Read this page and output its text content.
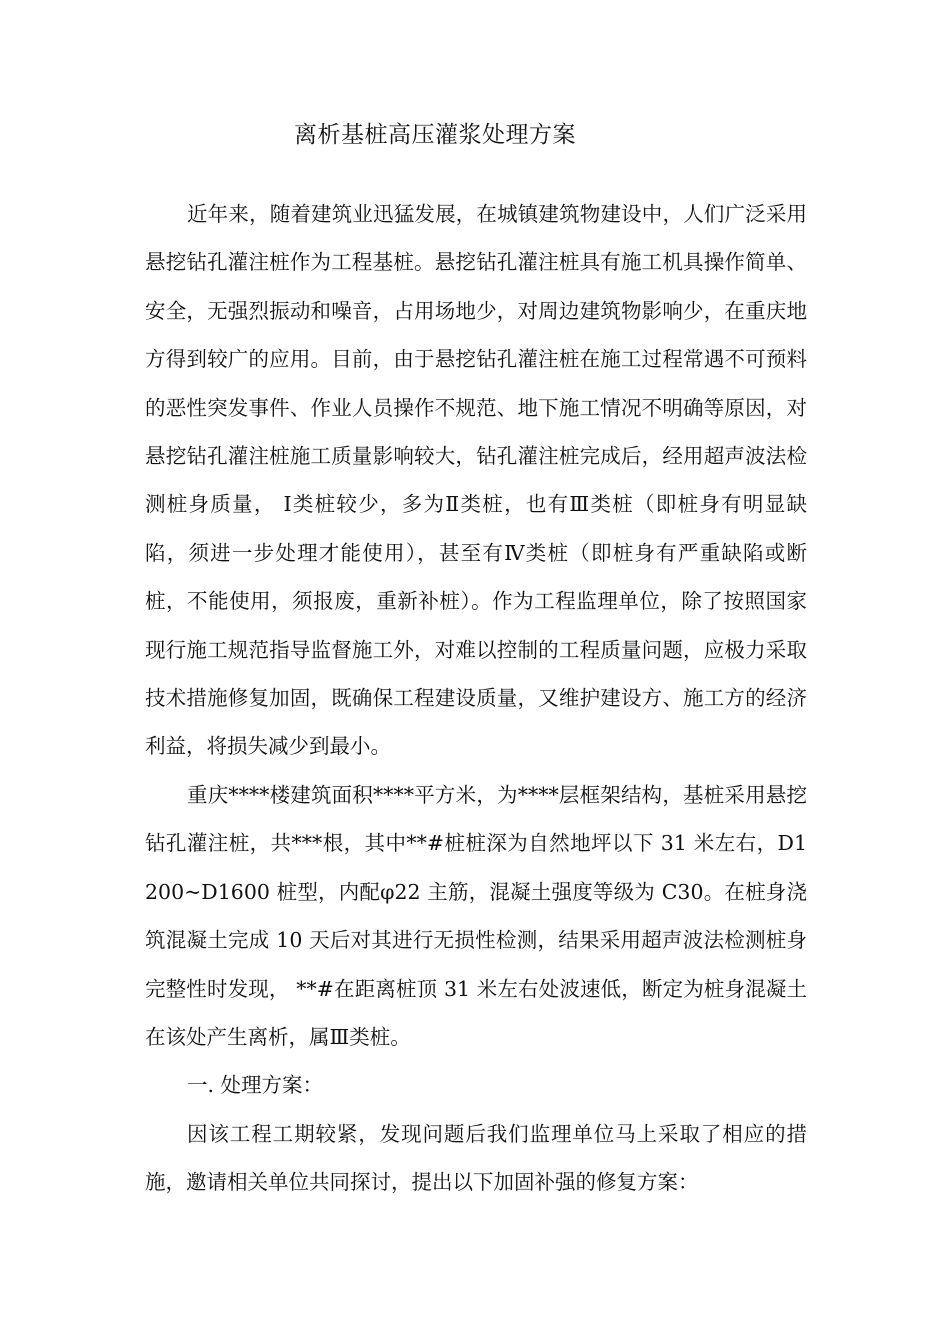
离析基桩高压灌浆处理方案

近年来，随着建筑业迅猛发展，在城镇建筑物建设中，人们广泛采用悬挖钻孔灌注桩作为工程基桩。悬挖钻孔灌注桩具有施工机具操作简单、安全，无强烈振动和噪音，占用场地少，对周边建筑物影响少，在重庆地方得到较广的应用。目前，由于悬挖钻孔灌注桩在施工过程常遇不可预料的恶性突发事件、作业人员操作不规范、地下施工情况不明确等原因，对悬挖钻孔灌注桩施工质量影响较大，钻孔灌注桩完成后，经用超声波法检测桩身质量， Ⅰ类桩较少，多为Ⅱ类桩，也有Ⅲ类桩（即桩身有明显缺陷，须进一步处理才能使用），甚至有Ⅳ类桩（即桩身有严重缺陷或断桩，不能使用，须报废，重新补桩）。作为工程监理单位，除了按照国家现行施工规范指导监督施工外，对难以控制的工程质量问题，应极力采取技术措施修复加固，既确保工程建设质量，又维护建设方、施工方的经济利益，将损失减少到最小。

重庆****楼建筑面积****平方米，为****层框架结构，基桩采用悬挖钻孔灌注桩，共***根，其中**#桩桩深为自然地坪以下 31 米左右，D1200~D1600 桩型，内配φ22 主筋，混凝土强度等级为 C30。在桩身浇筑混凝土完成 10 天后对其进行无损性检测，结果采用超声波法检测桩身完整性时发现， **#在距离桩顶 31 米左右处波速低，断定为桩身混凝土在该处产生离析，属Ⅲ类桩。

一. 处理方案：

因该工程工期较紧，发现问题后我们监理单位马上采取了相应的措施，邀请相关单位共同探讨，提出以下加固补强的修复方案：
